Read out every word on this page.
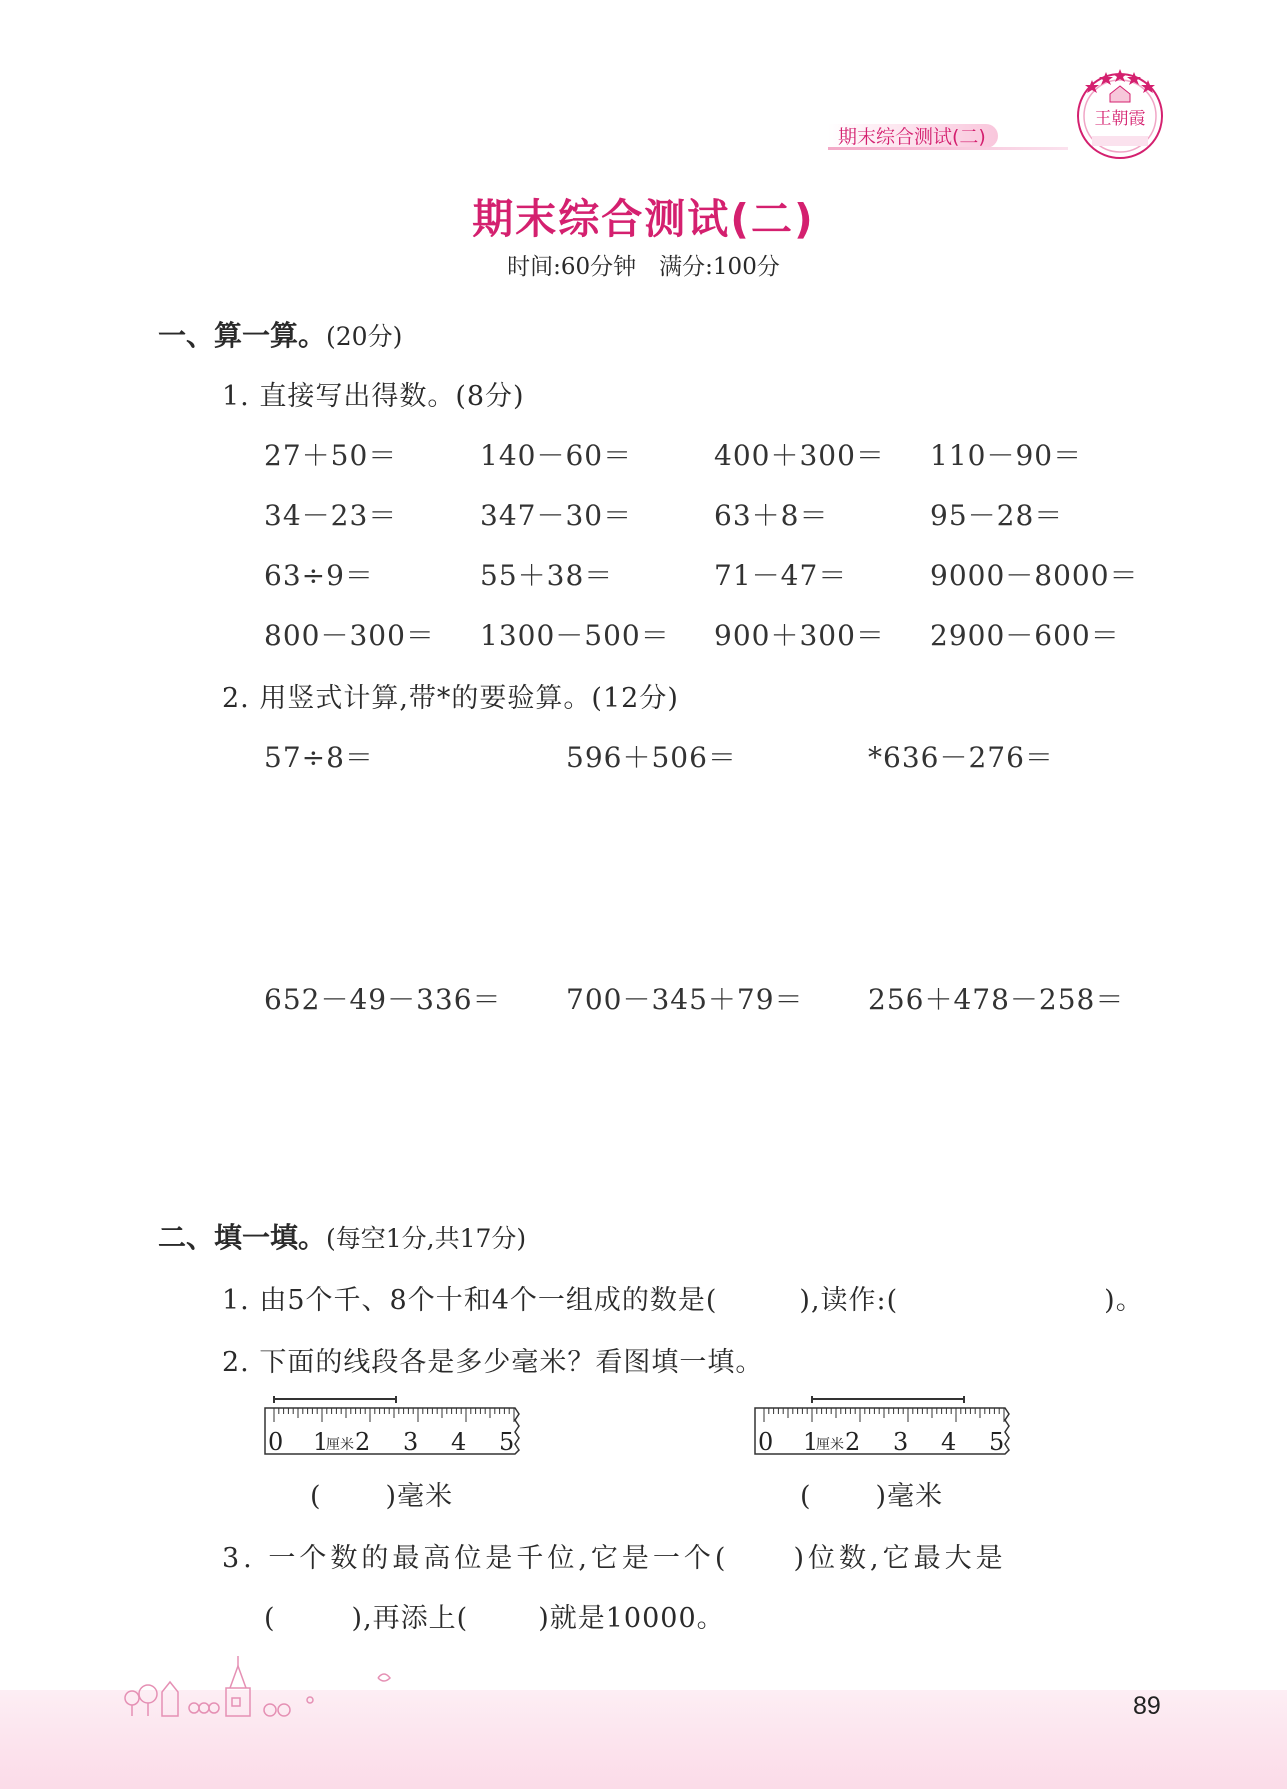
期末综合测试(二)
王朝霞
期末综合测试(二)
时间:60分钟　满分:100分
一、算一算。(20分)
1. 直接写出得数。(8分)
27＋50＝	140－60＝	400＋300＝ 110－90＝
34－23＝	347－30＝	63＋8＝	95－28＝
63÷9＝	55＋38＝	71－47＝	9000－8000＝
800－300＝ 1300－500＝ 900＋300＝ 2900－600＝
2. 用竖式计算,带*的要验算。(12分)
57÷8＝	596＋506＝	*636－276＝
652－49－336＝ 700－345＋79＝ 256＋478－258＝
二、填一填。(每空1分,共17分)
1. 由5个千、8个十和4个一组成的数是(	),读作:(	)。
2. 下面的线段各是多少毫米？看图填一填。
0 1
厘米 2 3 4 5	0 1
厘米 2 3 4 5
( )毫米	( )毫米
3. 一个数的最高位是千位,它是一个( )位数,它最大是
(	),再添上(	)就是10000。
89
